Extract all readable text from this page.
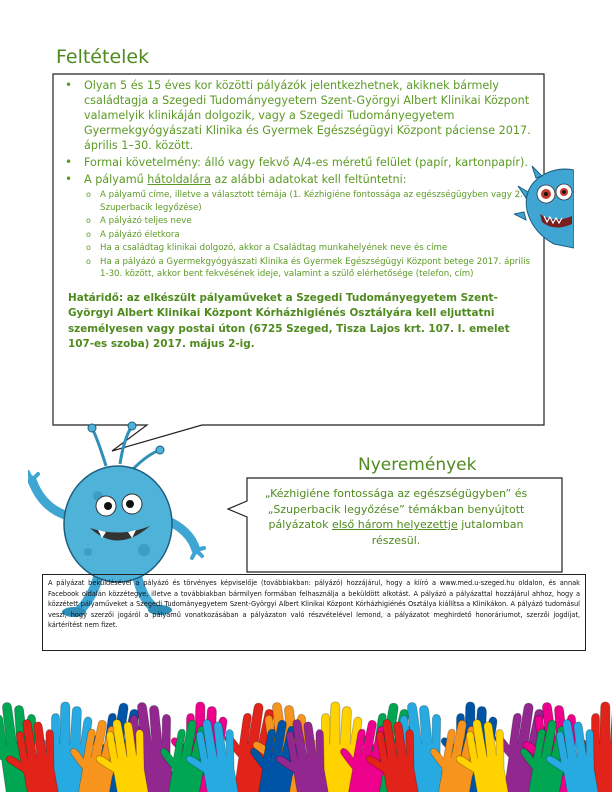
Feltételek
• Olyan 5 és 15 éves kor közötti pályázók jelentkezhetnek, akiknek bármely családtagja a Szegedi Tudományegyetem Szent-Györgyi Albert Klinikai Központ valamelyik klinikáján dolgozik, vagy a Szegedi Tudományegyetem Gyermekgyógyászati Klinika és Gyermek Egészségügyi Központ páciense 2017. április 1–30. között.
• Formai követelmény: álló vagy fekvő A/4-es méretű felület (papír, kartonpapír).
• A pályamű hátoldalára az alábbi adatokat kell feltüntetni:
o A pályamű címe, illetve a választott témája (1. Kézhigiéne fontossága az egészségügyben vagy 2. Szuperbacik legyőzése)
o A pályázó teljes neve
o A pályázó életkora
o Ha a családtag klinikai dolgozó, akkor a Családtag munkahelyének neve és címe
o Ha a pályázó a Gyermekgyógyászati Klinika és Gyermek Egészségügyi Központ betege 2017. április 1-30. között, akkor bent fekvésének ideje, valamint a szülő elérhetősége (telefon, cím)
Határidő: az elkészült pályaműveket a Szegedi Tudományegyetem Szent-Györgyi Albert Klinikai Központ Kórházhigiénés Osztályára kell eljuttatni személyesen vagy postai úton (6725 Szeged, Tisza Lajos krt. 107. I. emelet 107-es szoba) 2017. május 2-ig.
Nyeremények
„Kézhigiéne fontossága az egészségügyben” és „Szuperbacik legyőzése” témákban benyújtott pályázatok első három helyezettje jutalomban részesül.
A pályázat beküldésével a pályázó és törvényes képviselője (továbbiakban: pályázó) hozzájárul, hogy a kiíró a www.med.u-szeged.hu oldalon, és annak Facebook oldalán közzétegye, illetve a továbbiakban bármilyen formában felhasználja a beküldött alkotást. A pályázó a pályázattal hozzájárul ahhoz, hogy a közzétett pályaműveket a Szegedi Tudományegyetem Szent-Györgyi Albert Klinikai Központ Kórházhigiénés Osztálya kiállítsa a Klinikákon. A pályázó tudomásul veszi, hogy szerzői jogáról a pályamű vonatkozásában a pályázaton való részvételével lemond, a pályázatot meghirdető honoráriumot, szerzői jogdíjat, kártérítést nem fizet.
